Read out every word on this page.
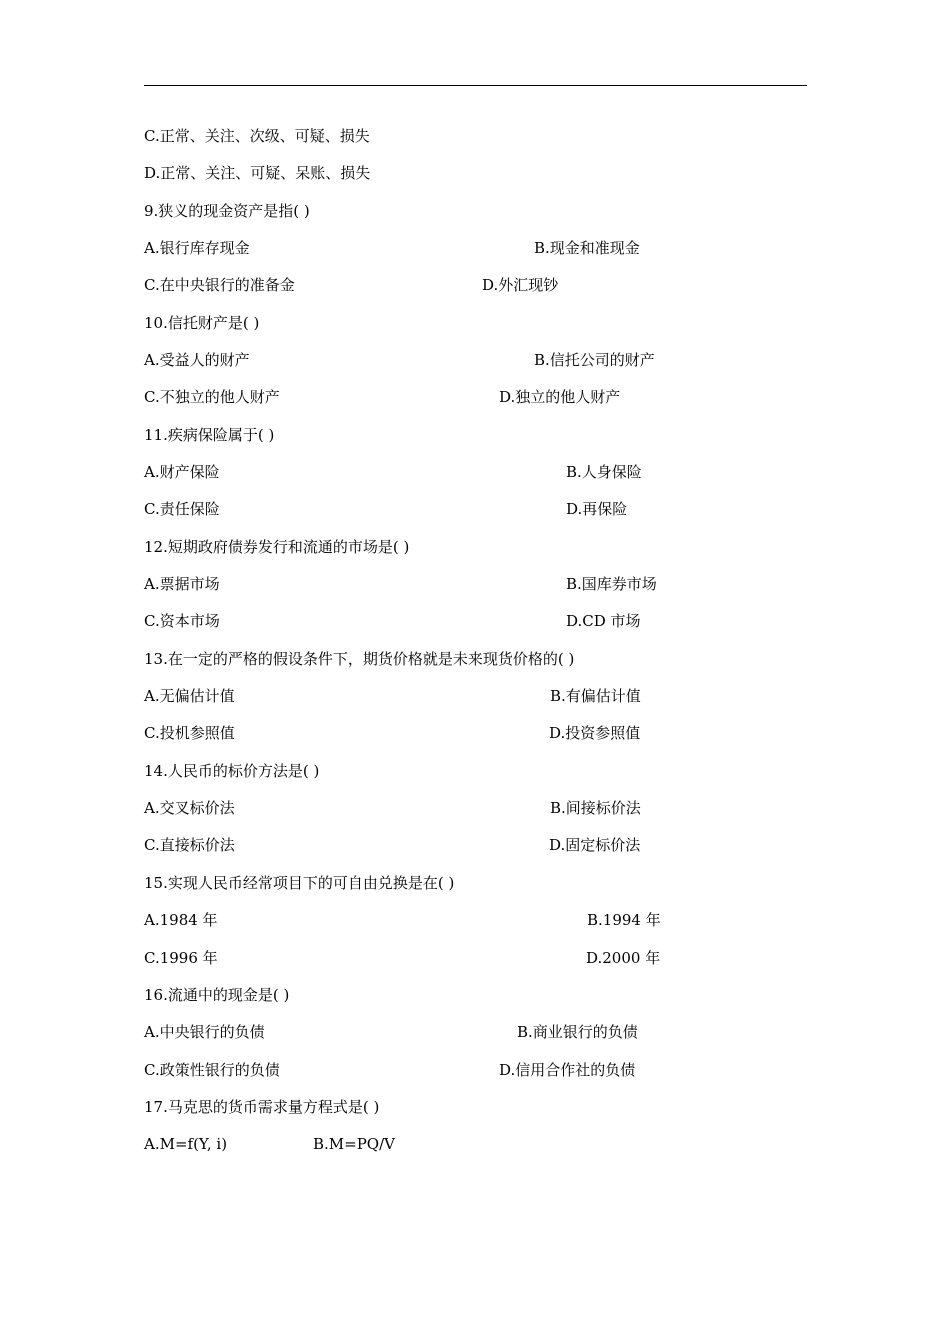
C.正常、关注、次级、可疑、损失
D.正常、关注、可疑、呆账、损失
9.狭义的现金资产是指( )
A.银行库存现金	B.现金和准现金
C.在中央银行的准备金	D.外汇现钞
10.信托财产是( )
A.受益人的财产	B.信托公司的财产
C.不独立的他人财产	D.独立的他人财产
11.疾病保险属于( )
A.财产保险	B.人身保险
C.责任保险	D.再保险
12.短期政府债券发行和流通的市场是( )
A.票据市场	B.国库券市场
C.资本市场	D.CD 市场
13.在一定的严格的假设条件下，期货价格就是未来现货价格的( )
A.无偏估计值	B.有偏估计值
C.投机参照值	D.投资参照值
14.人民币的标价方法是( )
A.交叉标价法	B.间接标价法
C.直接标价法	D.固定标价法
15.实现人民币经常项目下的可自由兑换是在( )
A.1984 年	B.1994 年
C.1996 年	D.2000 年
16.流通中的现金是( )
A.中央银行的负债	B.商业银行的负债
C.政策性银行的负债	D.信用合作社的负债
17.马克思的货币需求量方程式是( )
A.M=f(Y, i)	B.M=PQ/V
